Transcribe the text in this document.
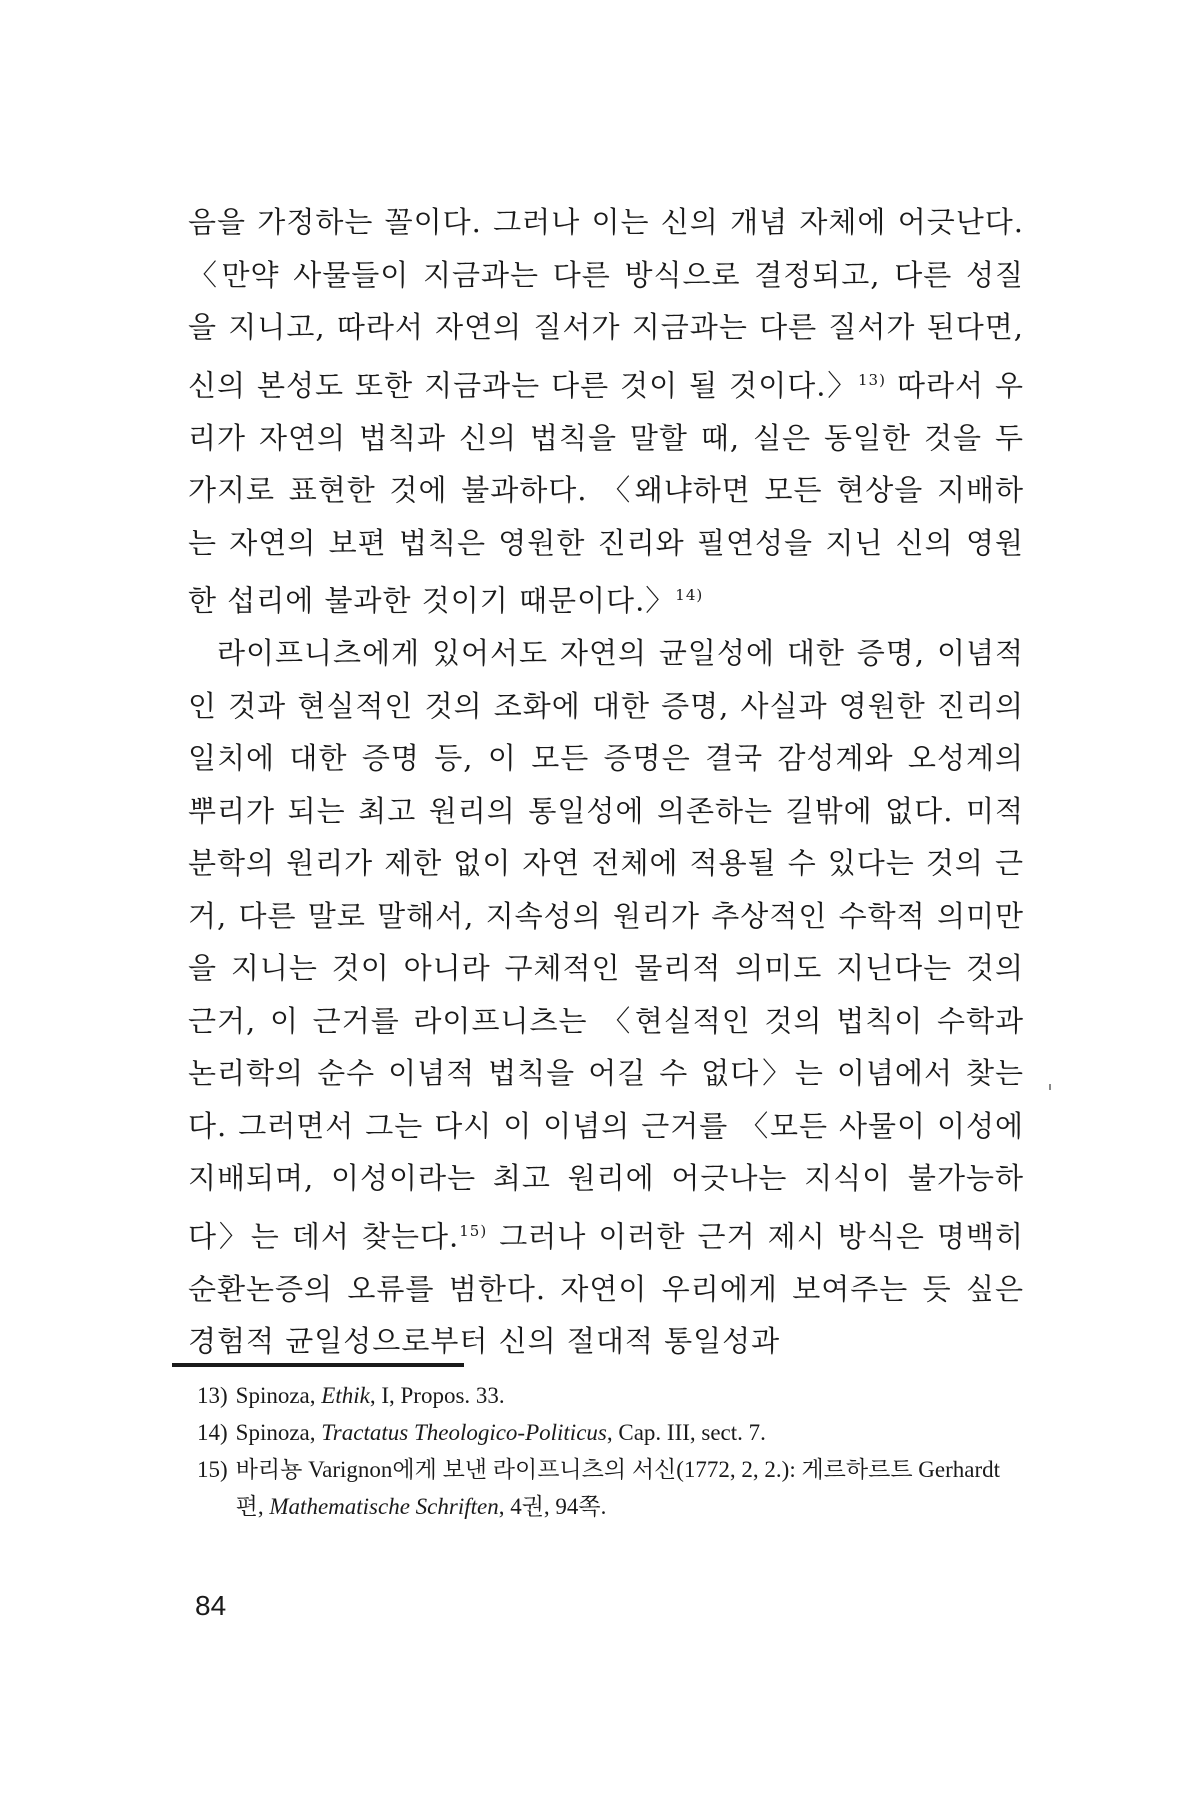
음을 가정하는 꼴이다. 그러나 이는 신의 개념 자체에 어긋난다. 〈만약 사물들이 지금과는 다른 방식으로 결정되고, 다른 성질을 지니고, 따라서 자연의 질서가 지금과는 다른 질서가 된다면, 신의 본성도 또한 지금과는 다른 것이 될 것이다.〉$^{13)}$ 따라서 우리가 자연의 법칙과 신의 법칙을 말할 때, 실은 동일한 것을 두 가지로 표현한 것에 불과하다. 〈왜냐하면 모든 현상을 지배하는 자연의 보편 법칙은 영원한 진리와 필연성을 지닌 신의 영원한 섭리에 불과한 것이기 때문이다.〉$^{14)}$

라이프니츠에게 있어서도 자연의 균일성에 대한 증명, 이념적인 것과 현실적인 것의 조화에 대한 증명, 사실과 영원한 진리의 일치에 대한 증명 등, 이 모든 증명은 결국 감성계와 오성계의 뿌리가 되는 최고 원리의 통일성에 의존하는 길밖에 없다. 미적분학의 원리가 제한 없이 자연 전체에 적용될 수 있다는 것의 근거, 다른 말로 말해서, 지속성의 원리가 추상적인 수학적 의미만을 지니는 것이 아니라 구체적인 물리적 의미도 지닌다는 것의 근거, 이 근거를 라이프니츠는 〈현실적인 것의 법칙이 수학과 논리학의 순수 이념적 법칙을 어길 수 없다〉는 이념에서 찾는다. 그러면서 그는 다시 이 이념의 근거를 〈모든 사물이 이성에 지배되며, 이성이라는 최고 원리에 어긋나는 지식이 불가능하다〉는 데서 찾는다.$^{15)}$ 그러나 이러한 근거 제시 방식은 명백히 순환논증의 오류를 범한다. 자연이 우리에게 보여주는 듯 싶은 경험적 균일성으로부터 신의 절대적 통일성과

13) Spinoza, Ethik, I, Propos. 33.
14) Spinoza, Tractatus Theologico-Politicus, Cap. III, sect. 7.
15) 바리뇽 Varignon에게 보낸 라이프니츠의 서신(1772, 2, 2.): 게르하르트 Gerhardt 편, Mathematische Schriften, 4권, 94쪽.
84
